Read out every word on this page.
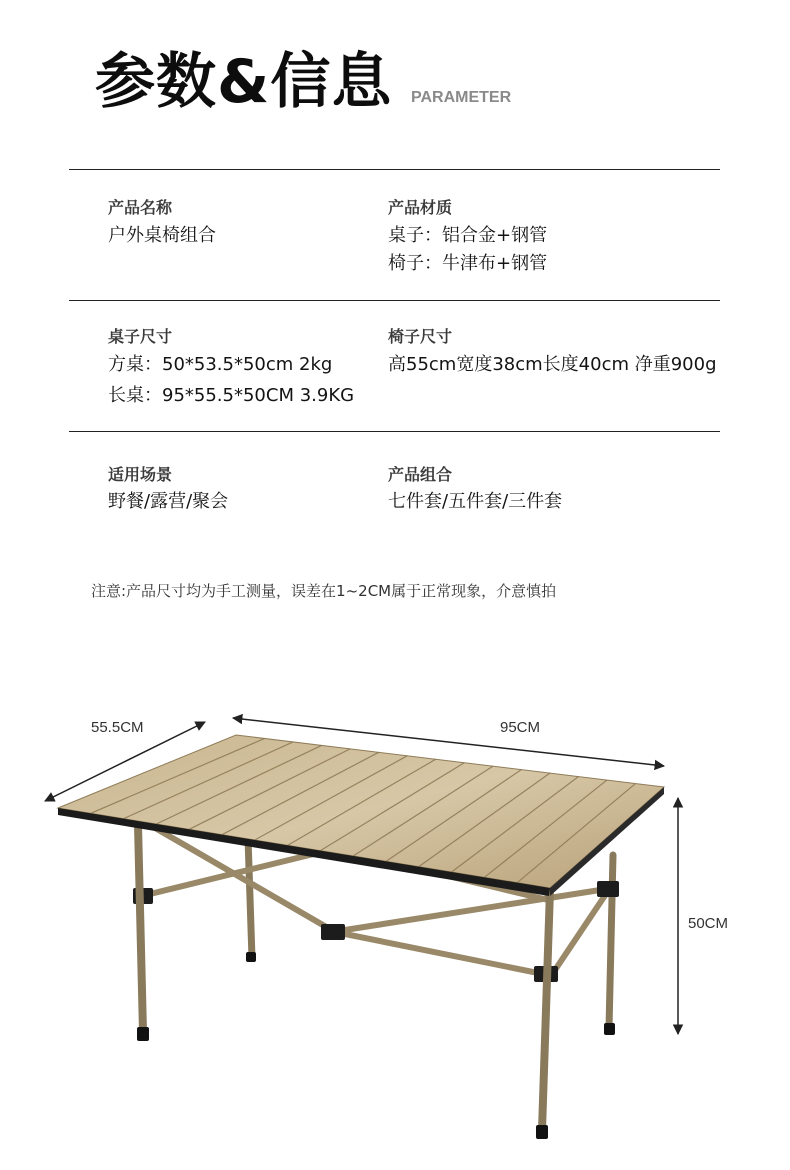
参数&信息 PARAMETER
产品名称
户外桌椅组合
产品材质
桌子：铝合金+钢管
椅子：牛津布+钢管
桌子尺寸
方桌：50*53.5*50cm 2kg
长桌：95*55.5*50CM 3.9KG
椅子尺寸
高55cm宽度38cm长度40cm 净重900g
适用场景
野餐/露营/聚会
产品组合
七件套/五件套/三件套
注意:产品尺寸均为手工测量，误差在1~2CM属于正常现象，介意慎拍
55.5CM	95CM
50CM
